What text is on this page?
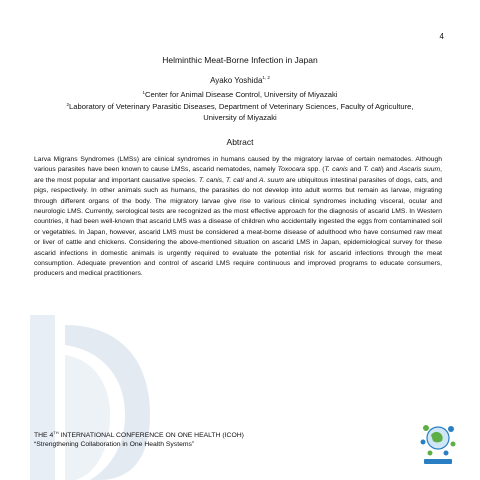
4
Helminthic Meat-Borne Infection in Japan
Ayako Yoshida$^{1, 2}$
$^1$Center for Animal Disease Control, University of Miyazaki
$^2$Laboratory of Veterinary Parasitic Diseases, Department of Veterinary Sciences, Faculty of Agriculture,
University of Miyazaki
Abtract
Larva Migrans Syndromes (LMSs) are clinical syndromes in humans caused by the migratory larvae of certain nematodes. Although various parasites have been known to cause LMSs, ascarid nematodes, namely Toxocara spp. (T. canis and T. cati) and Ascaris suum, are the most popular and important causative species. T. canis, T. cati and A. suum are ubiquitous intestinal parasites of dogs, cats, and pigs, respectively. In other animals such as humans, the parasites do not develop into adult worms but remain as larvae, migrating through different organs of the body. The migratory larvae give rise to various clinical syndromes including visceral, ocular and neurologic LMS. Currently, serological tests are recognized as the most effective approach for the diagnosis of ascarid LMS. In Western countries, it had been well-known that ascarid LMS was a disease of children who accidentally ingested the eggs from contaminated soil or vegetables. In Japan, however, ascarid LMS must be considered a meat-borne disease of adulthood who have consumed raw meat or liver of cattle and chickens. Considering the above-mentioned situation on ascarid LMS in Japan, epidemiological survey for these ascarid infections in domestic animals is urgently required to evaluate the potential risk for ascarid infections through the meat consumption. Adequate prevention and control of ascarid LMS require continuous and improved programs to educate consumers, producers and medical practitioners.
THE 4TH INTERNATIONAL CONFERENCE ON ONE HEALTH (ICOH)
“Strengthening Collaboration in One Health Systems”
